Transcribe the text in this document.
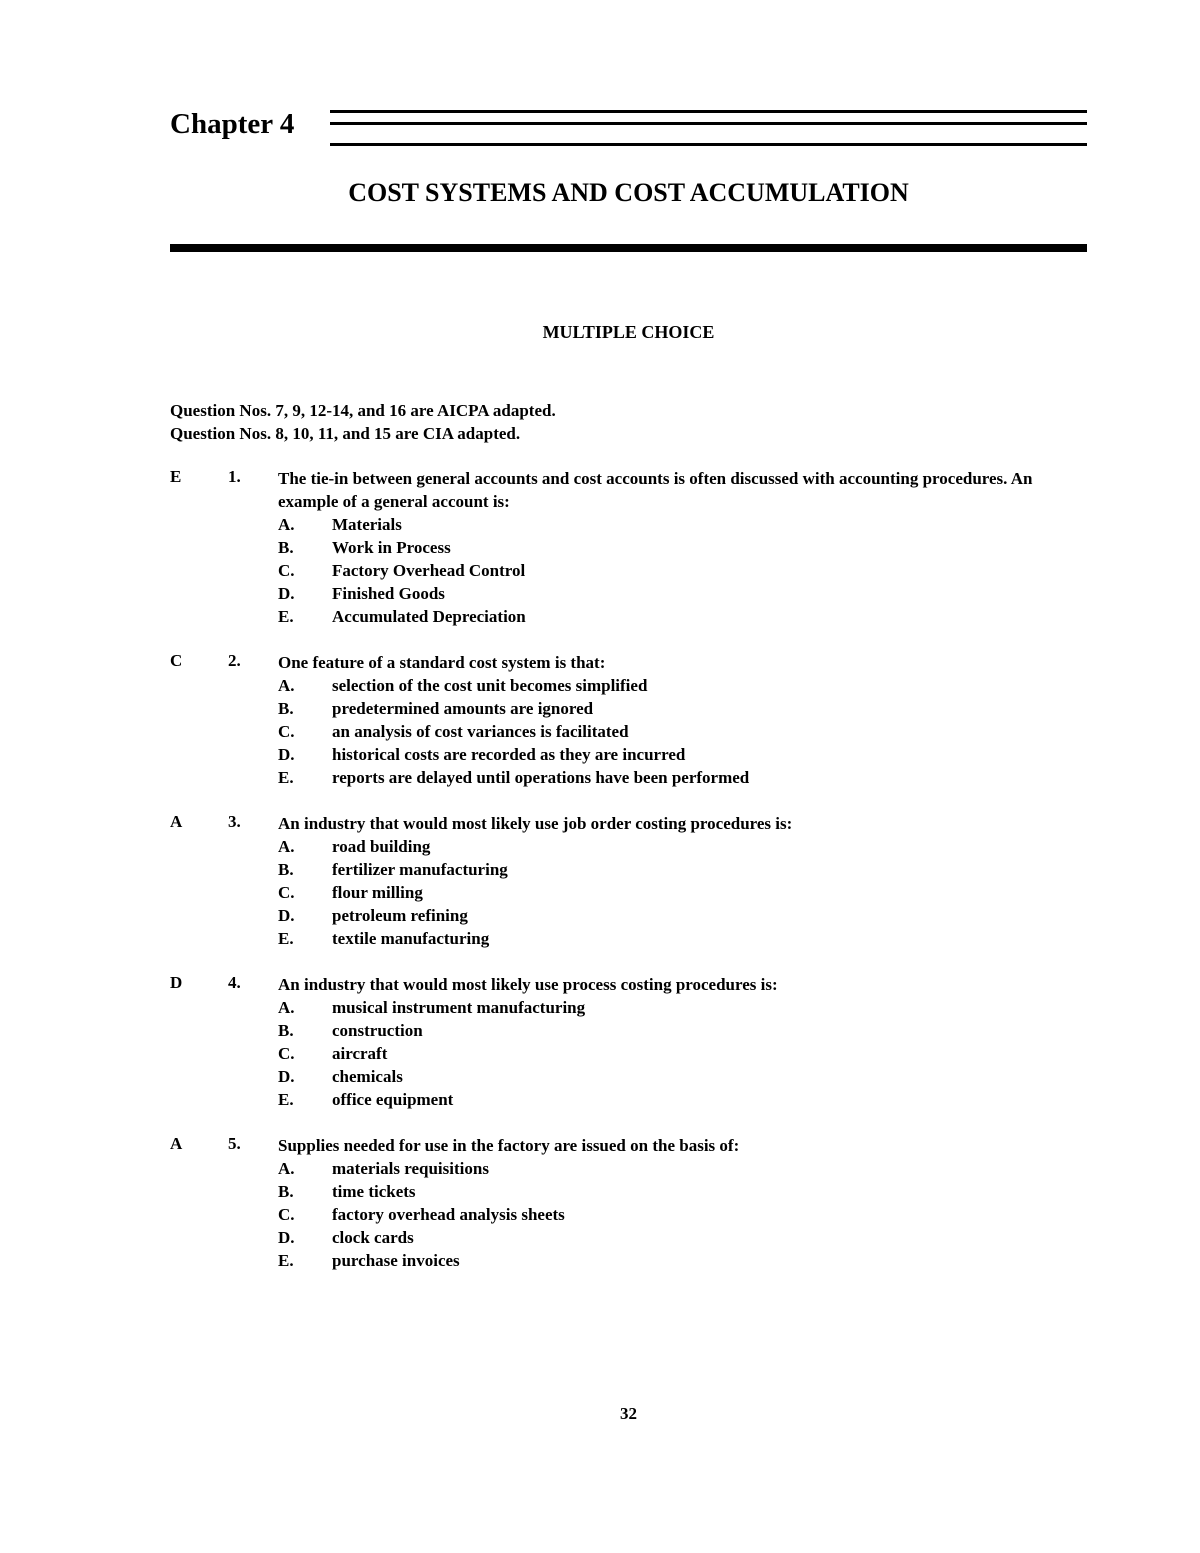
Chapter 4
COST SYSTEMS AND COST ACCUMULATION
MULTIPLE CHOICE
Question Nos. 7, 9, 12-14, and 16 are AICPA adapted.
Question Nos. 8, 10, 11, and 15 are CIA adapted.
E	1.	The tie-in between general accounts and cost accounts is often discussed with accounting procedures. An example of a general account is:
A. Materials
B. Work in Process
C. Factory Overhead Control
D. Finished Goods
E. Accumulated Depreciation
C	2.	One feature of a standard cost system is that:
A. selection of the cost unit becomes simplified
B. predetermined amounts are ignored
C. an analysis of cost variances is facilitated
D. historical costs are recorded as they are incurred
E. reports are delayed until operations have been performed
A	3.	An industry that would most likely use job order costing procedures is:
A. road building
B. fertilizer manufacturing
C. flour milling
D. petroleum refining
E. textile manufacturing
D	4.	An industry that would most likely use process costing procedures is:
A. musical instrument manufacturing
B. construction
C. aircraft
D. chemicals
E. office equipment
A	5.	Supplies needed for use in the factory are issued on the basis of:
A. materials requisitions
B. time tickets
C. factory overhead analysis sheets
D. clock cards
E. purchase invoices
32
